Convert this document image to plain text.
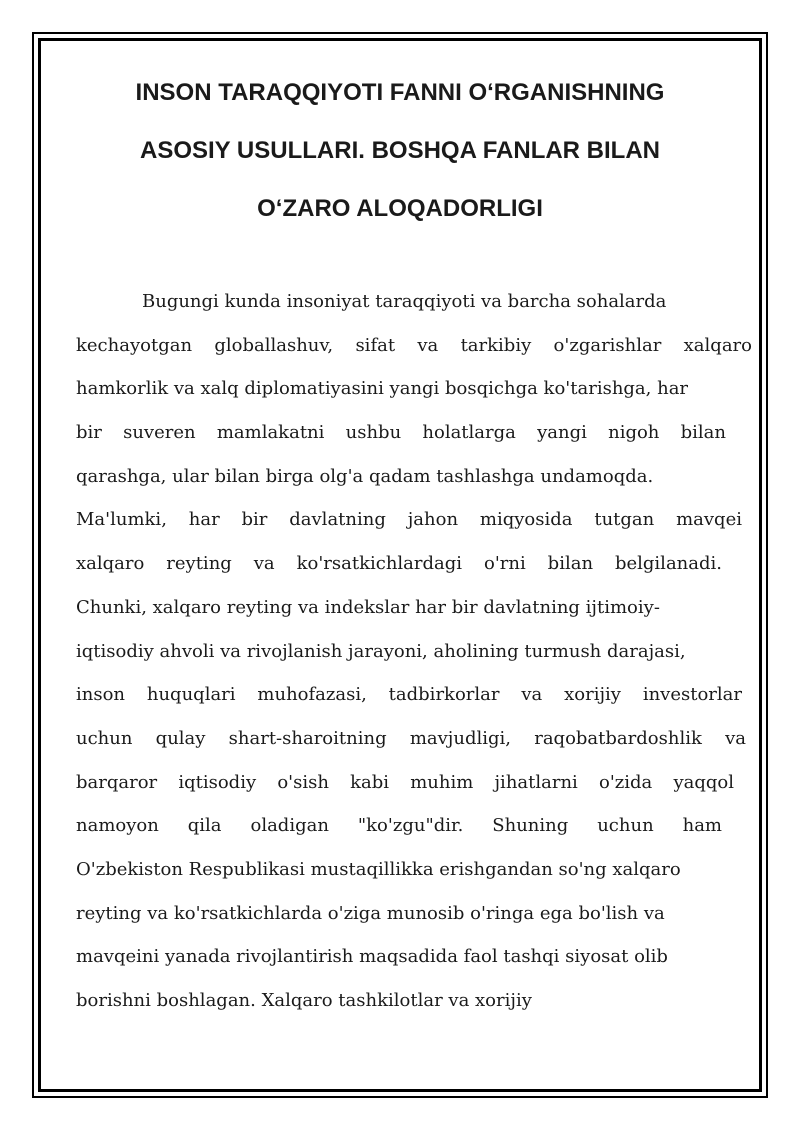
INSON TARAQQIYOTI FANNI O‘RGANISHNING
ASOSIY USULLARI. BOSHQA FANLAR BILAN
O‘ZARO ALOQADORLIGI
Bugungi kunda insoniyat taraqqiyoti va barcha sohalarda
kechayotgan globallashuv, sifat va tarkibiy o'zgarishlar xalqaro
hamkorlik va xalq diplomatiyasini yangi bosqichga ko'tarishga, har
bir suveren mamlakatni ushbu holatlarga yangi nigoh bilan
qarashga, ular bilan birga olg'a qadam tashlashga undamoqda.
Ma'lumki, har bir davlatning jahon miqyosida tutgan mavqei
xalqaro reyting va ko'rsatkichlardagi o'rni bilan belgilanadi.
Chunki, xalqaro reyting va indekslar har bir davlatning ijtimoiy-
iqtisodiy ahvoli va rivojlanish jarayoni, aholining turmush darajasi,
inson huquqlari muhofazasi, tadbirkorlar va xorijiy investorlar
uchun qulay shart-sharoitning mavjudligi, raqobatbardoshlik va
barqaror iqtisodiy o'sish kabi muhim jihatlarni o'zida yaqqol
namoyon qila oladigan "ko'zgu"dir. Shuning uchun ham
O'zbekiston Respublikasi mustaqillikka erishgandan so'ng xalqaro
reyting va ko'rsatkichlarda o'ziga munosib o'ringa ega bo'lish va
mavqeini yanada rivojlantirish maqsadida faol tashqi siyosat olib
borishni boshlagan. Xalqaro tashkilotlar va xorijiy
